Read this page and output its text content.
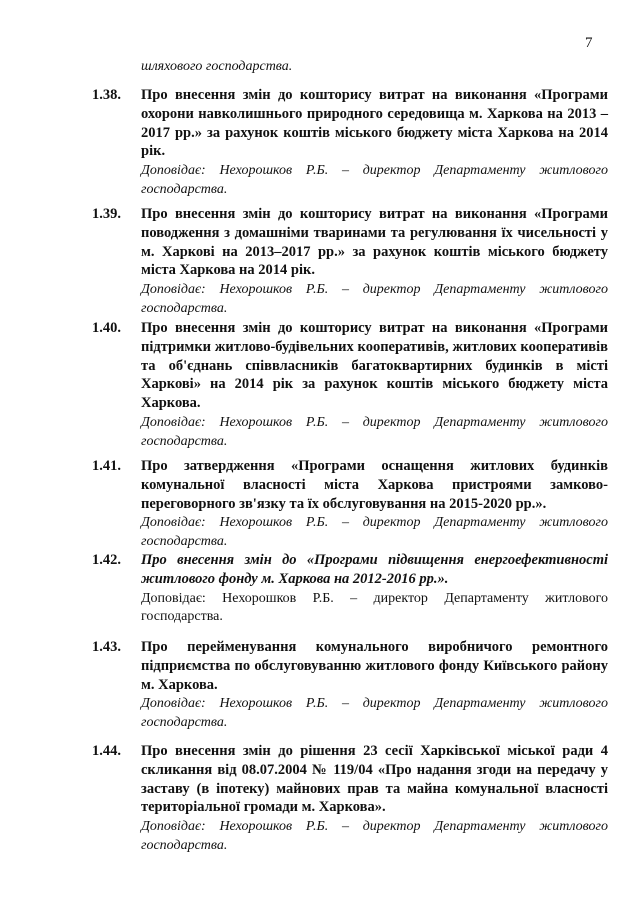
7
шляхового господарства.
1.38. Про внесення змін до кошторису витрат на виконання «Програми охорони навколишнього природного середовища м. Харкова на 2013 – 2017 рр.» за рахунок коштів міського бюджету міста Харкова на 2014 рік.
Доповідає: Нехорошков Р.Б. – директор Департаменту житлового господарства.
1.39. Про внесення змін до кошторису витрат на виконання «Програми поводження з домашніми тваринами та регулювання їх чисельності у м. Харкові на 2013–2017 рр.» за рахунок коштів міського бюджету міста Харкова на 2014 рік.
Доповідає: Нехорошков Р.Б. – директор Департаменту житлового господарства.
1.40. Про внесення змін до кошторису витрат на виконання «Програми підтримки житлово-будівельних кооперативів, житлових кооперативів та об'єднань співвласників багатоквартирних будинків в місті Харкові» на 2014 рік за рахунок коштів міського бюджету міста Харкова.
Доповідає: Нехорошков Р.Б. – директор Департаменту житлового господарства.
1.41. Про затвердження «Програми оснащення житлових будинків комунальної власності міста Харкова пристроями замково-переговорного зв'язку та їх обслуговування на 2015-2020 рр.».
Доповідає: Нехорошков Р.Б. – директор Департаменту житлового господарства.
1.42. Про внесення змін до «Програми підвищення енергоефективності житлового фонду м. Харкова на 2012-2016 рр.».
Доповідає: Нехорошков Р.Б. – директор Департаменту житлового господарства.
1.43. Про перейменування комунального виробничого ремонтного підприємства по обслуговуванню житлового фонду Київського району м. Харкова.
Доповідає: Нехорошков Р.Б. – директор Департаменту житлового господарства.
1.44. Про внесення змін до рішення 23 сесії Харківської міської ради 4 скликання від 08.07.2004 № 119/04 «Про надання згоди на передачу у заставу (в іпотеку) майнових прав та майна комунальної власності територіальної громади м. Харкова».
Доповідає: Нехорошков Р.Б. – директор Департаменту житлового господарства.
